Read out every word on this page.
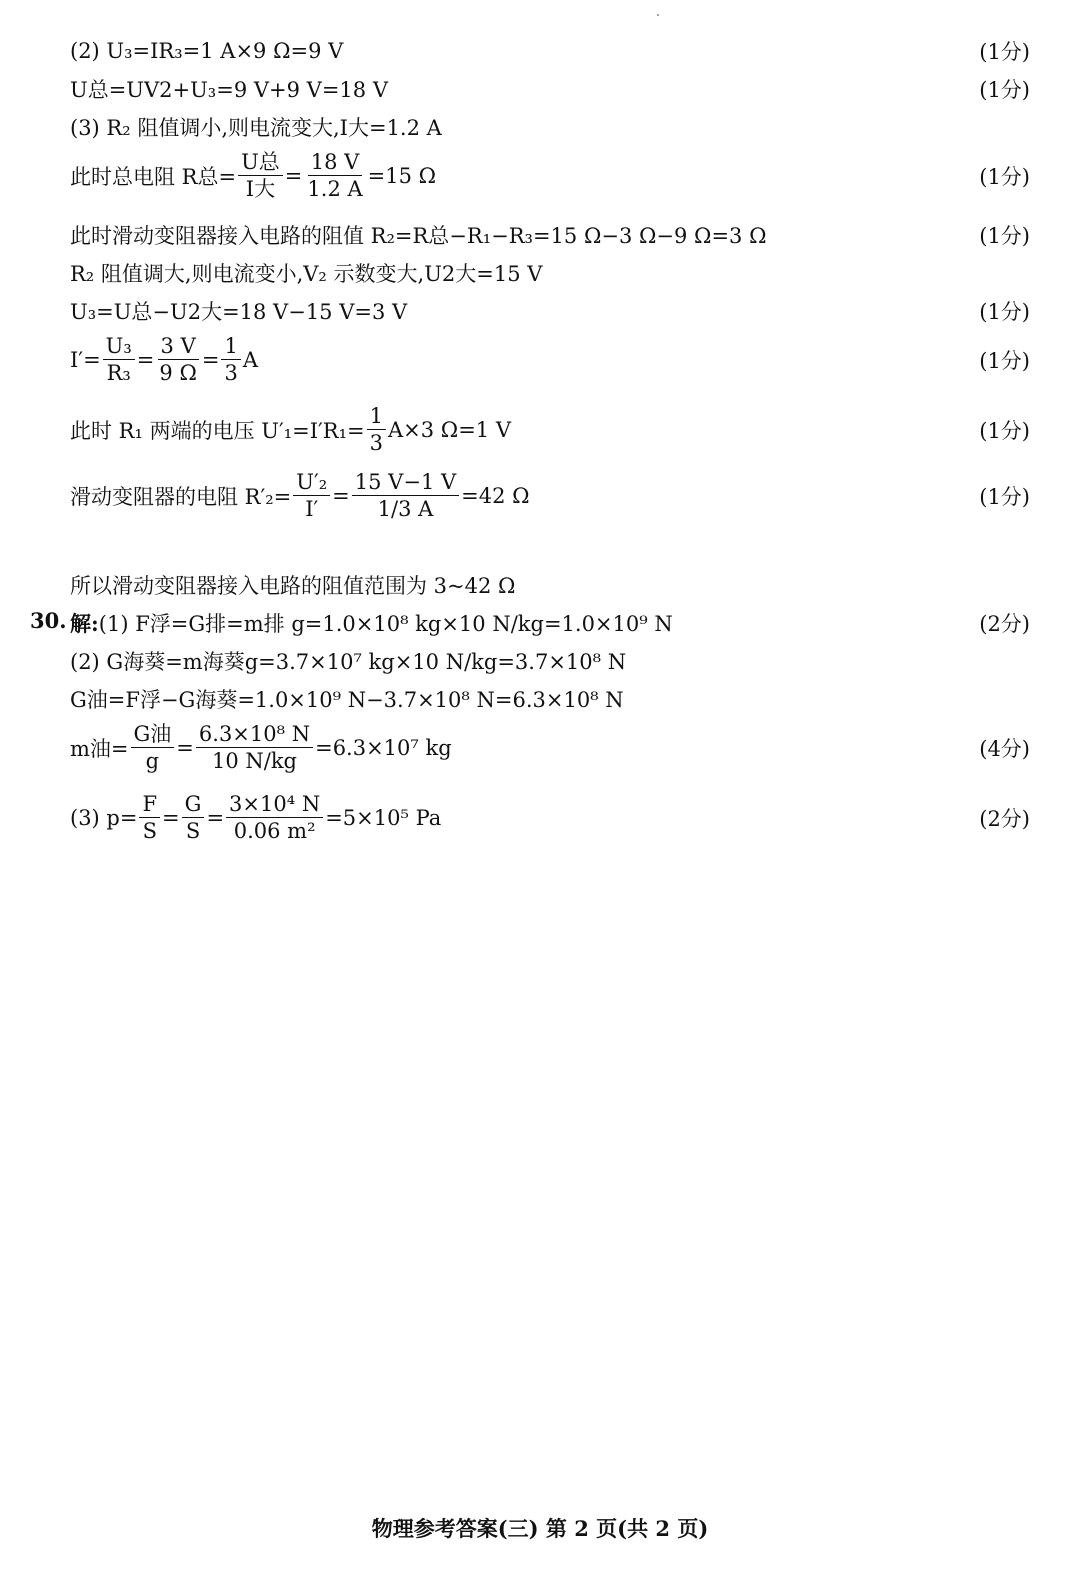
(2) U₃=IR₃=1 A×9 Ω=9 V	(1分)
U总=UV2+U₃=9 V+9 V=18 V	(1分)
(3) R₂ 阻值调小,则电流变大,I大=1.2 A
此时总电阻 R总= $\frac{\text{U总}}{\text{I大}} = \frac{18 V}{1.2 A} =15$ Ω	(1分)
此时滑动变阻器接入电路的阻值 R₂=R总−R₁−R₃=15 Ω−3 Ω−9 Ω=3 Ω	(1分)
R₂ 阻值调大,则电流变小,V₂ 示数变大,U2大=15 V
U₃=U总−U2大=18 V−15 V=3 V	(1分)
$I'= \frac{\text{U₃}}{\text{R₃}} = \frac{3 V}{9 \Omega} = \frac{1}{3}$ A	(1分)
此时 R₁ 两端的电压 $U'_1=I'R_1= \frac{1}{3} A\times 3$ Ω=1 V	(1分)
滑动变阻器的电阻 $R'_2= \frac{\text{U′₂}}{I'} = \frac{15 V-1 V}{1/3 A} =42$ Ω	(1分)
所以滑动变阻器接入电路的阻值范围为 3~42 Ω
30. 解: (1) F浮=G排=m排 g=1.0×10⁸ kg×10 N/kg=1.0×10⁹ N	(2分)
(2) G海葵=m海葵g=3.7×10⁷ kg×10 N/kg=3.7×10⁸ N
G油=F浮−G海葵=1.0×10⁹ N−3.7×10⁸ N=6.3×10⁸ N
m油= $\frac{\text{G油}}{g} = \frac{\text{6.3×10⁸ N}}{10 N/kg} =6.3\times 10^7$ kg	(4分)
(3) $p= \frac{F}{S} = \frac{G}{S} = \frac{\text{3×10⁴ N}}{\text{0.06 m²}} =5\times 10^5$ Pa	(2分)
物理参考答案(三) 第 2 页(共 2 页)
